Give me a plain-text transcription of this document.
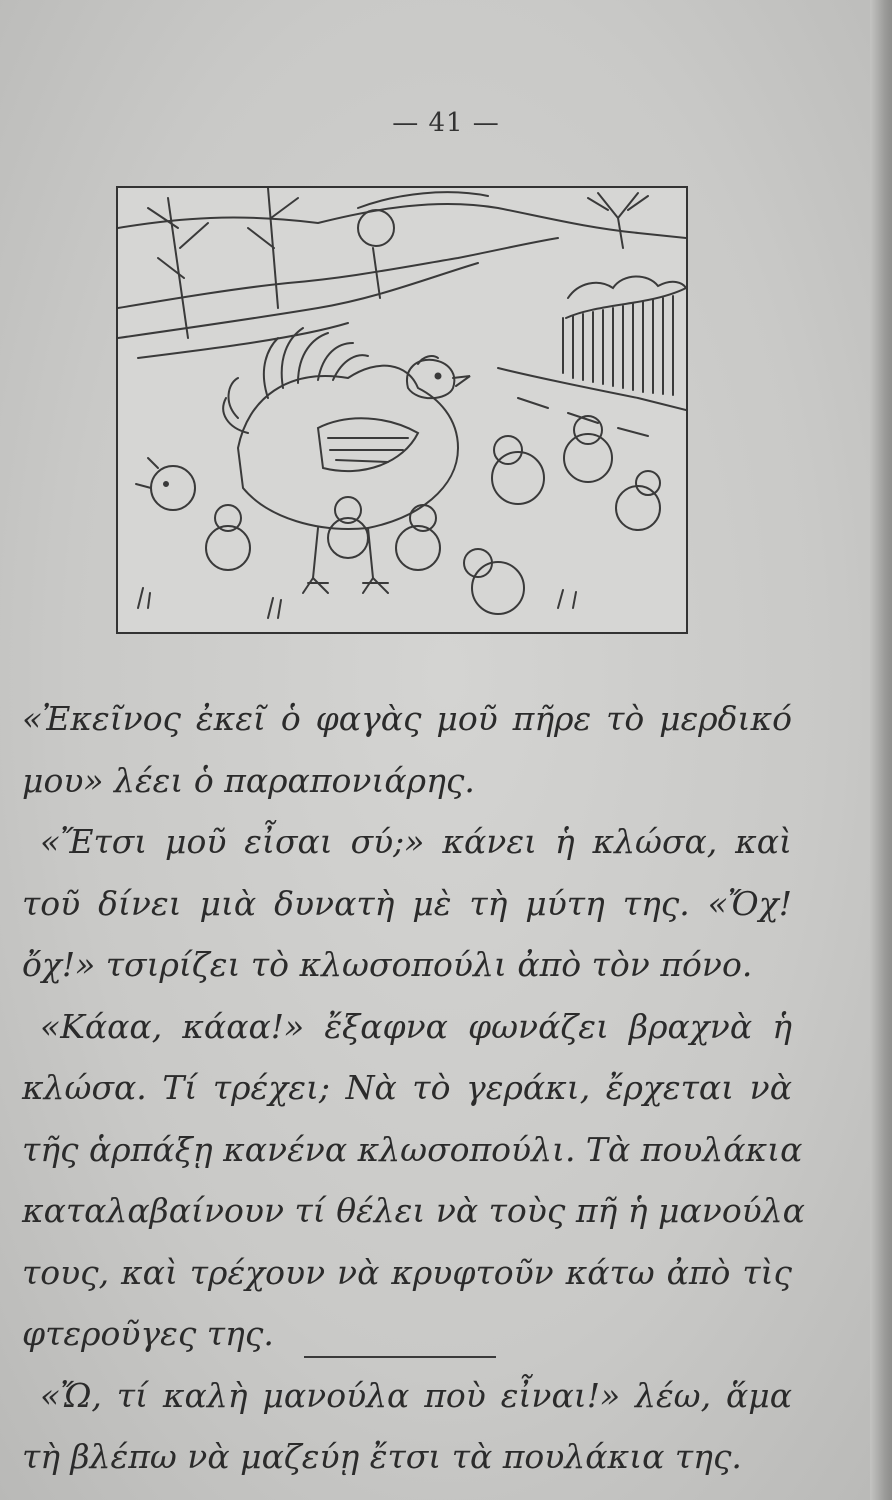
— 41 —
«Ἐκεῖνος ἐκεῖ ὁ φαγὰς μοῦ πῆρε τὸ μερδικό
μου» λέει ὁ παραπονιάρης.
«Ἔτσι μοῦ εἶσαι σύ;» κάνει ἡ κλώσα, καὶ
τοῦ δίνει μιὰ δυνατὴ μὲ τὴ μύτη της. «Ὄχ!
ὄχ!» τσιρίζει τὸ κλωσοπούλι ἀπὸ τὸν πόνο.
«Κάαα, κάαα!» ἔξαφνα φωνάζει βραχνὰ ἡ
κλώσα. Τί τρέχει; Νὰ τὸ γεράκι, ἔρχεται νὰ
τῆς ἁρπάξῃ κανένα κλωσοπούλι. Τὰ πουλάκια
καταλαβαίνουν τί θέλει νὰ τοὺς πῆ ἡ μανούλα
τους, καὶ τρέχουν νὰ κρυφτοῦν κάτω ἀπὸ τὶς
φτεροῦγες της.
«Ὤ, τί καλὴ μανούλα ποὺ εἶναι!» λέω, ἅμα
τὴ βλέπω νὰ μαζεύῃ ἔτσι τὰ πουλάκια της.
